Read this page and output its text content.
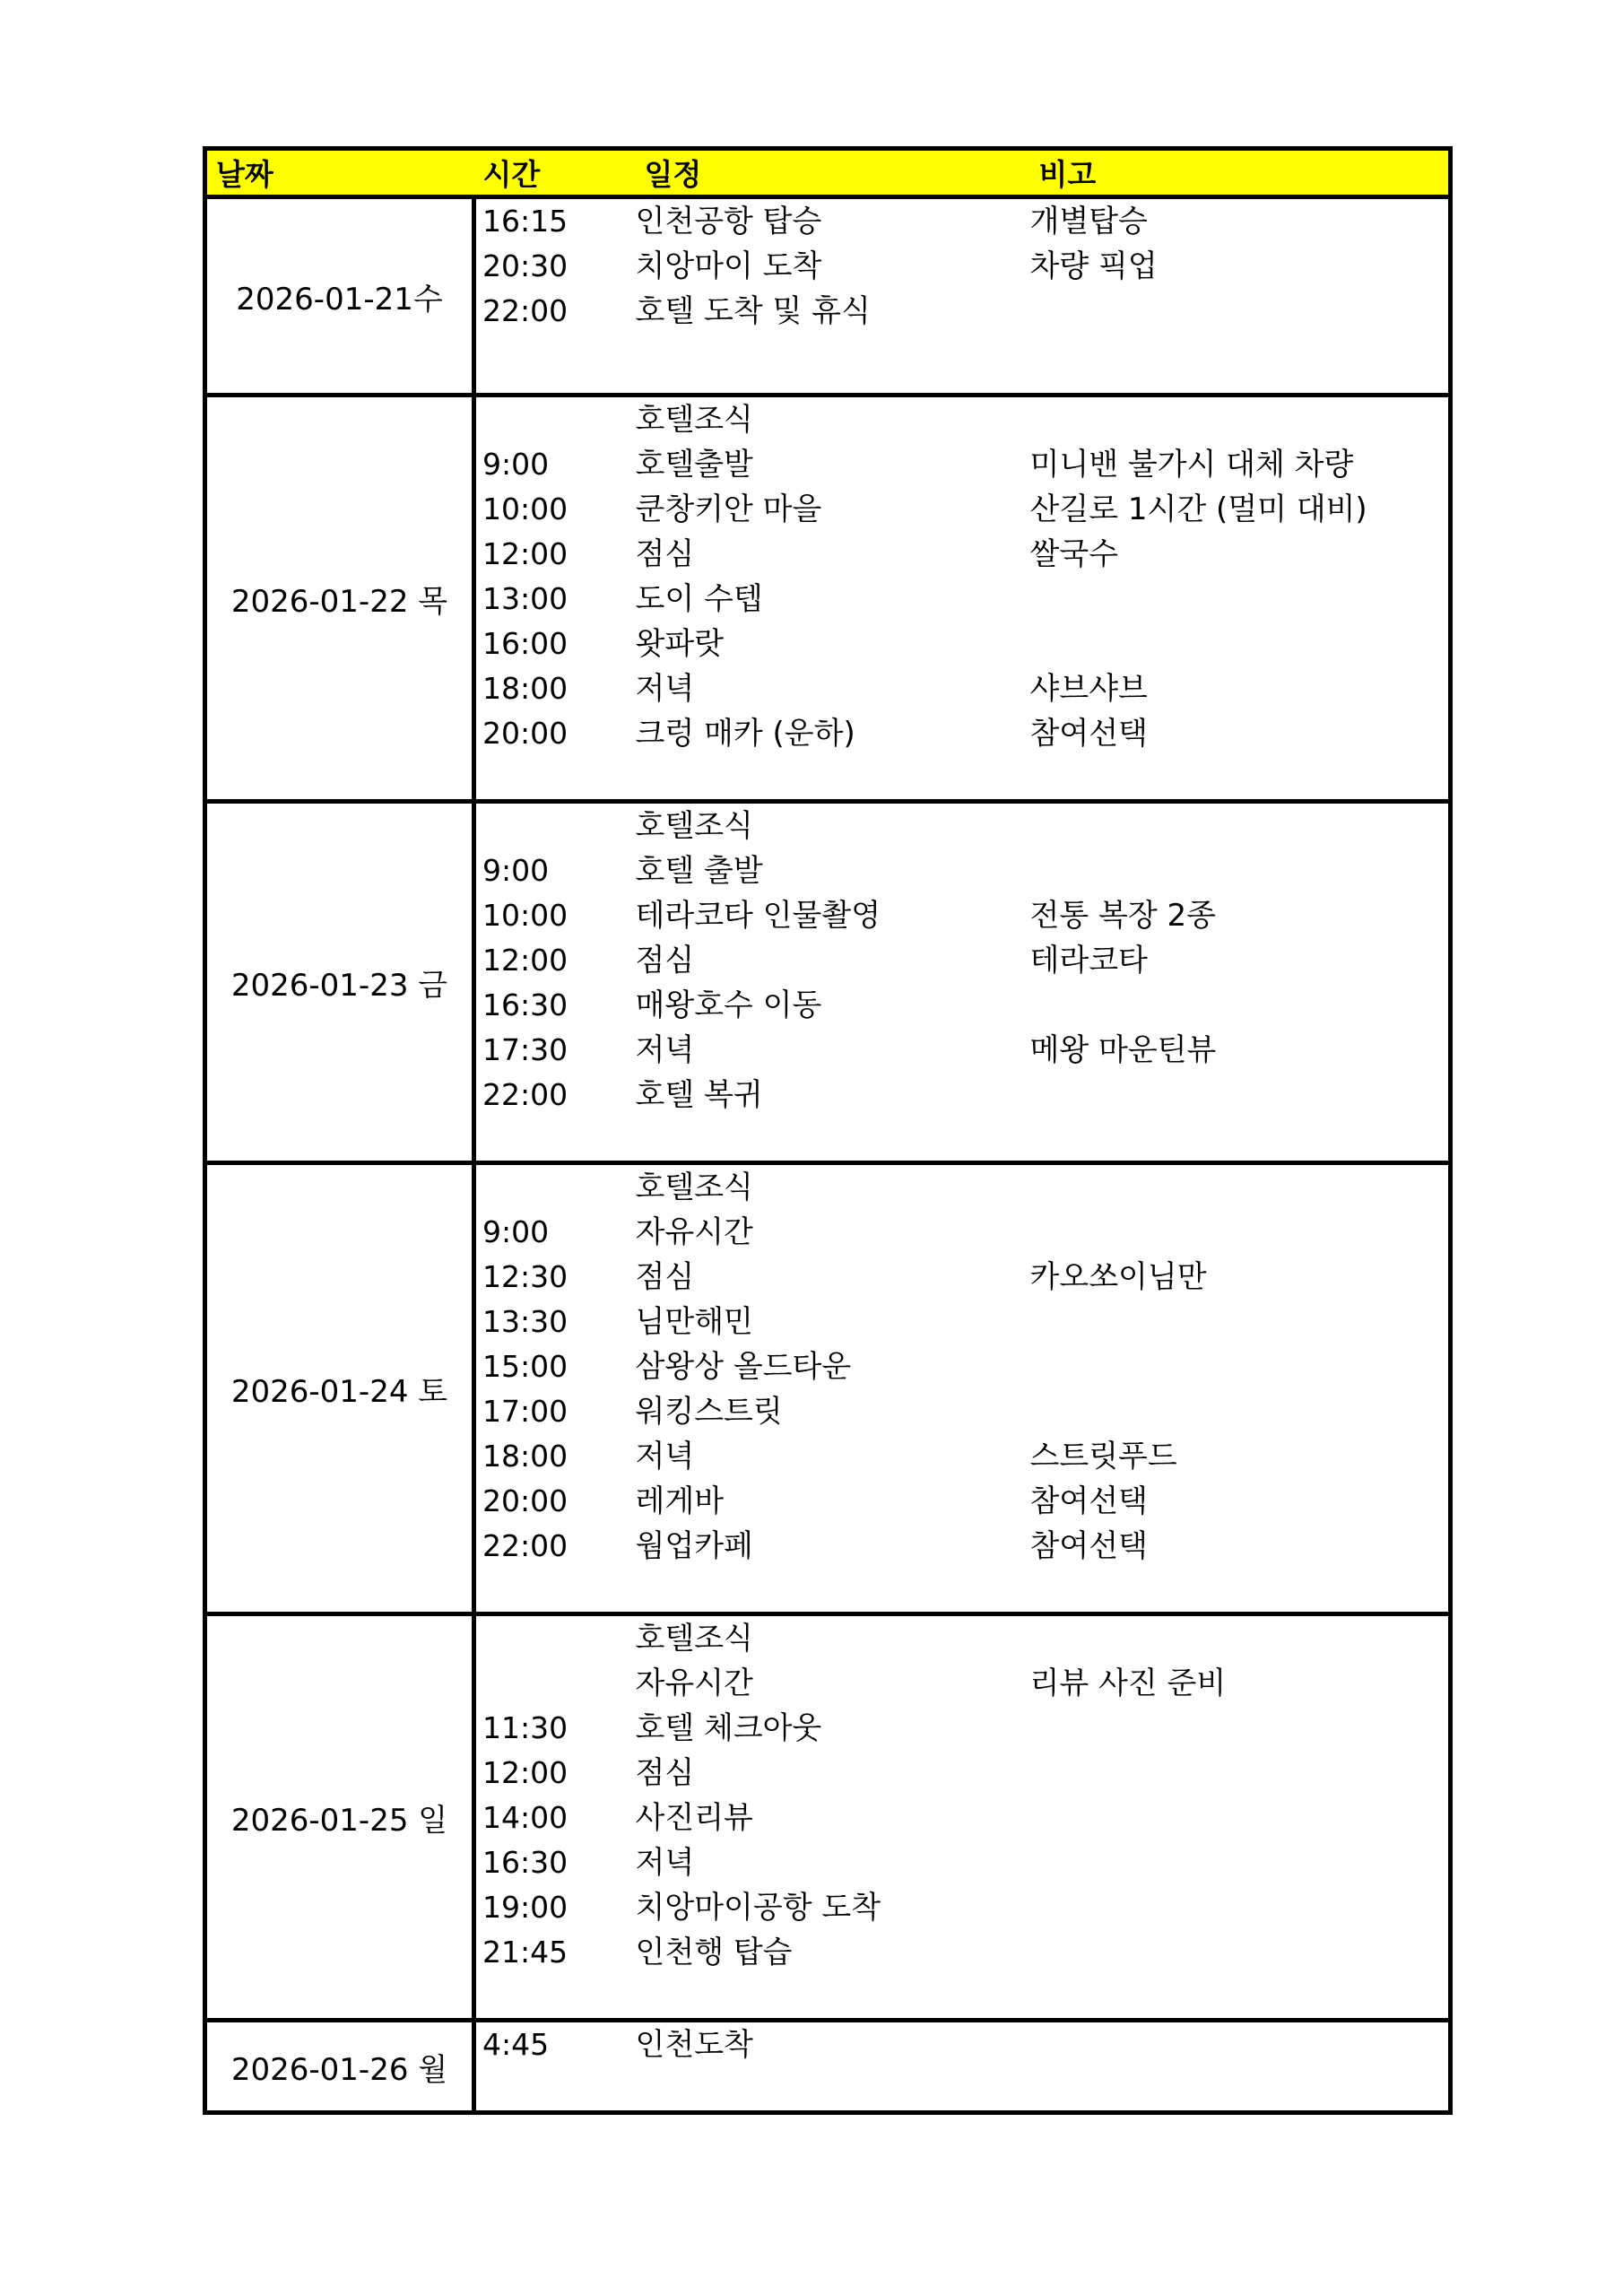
날짜	시간	일정	비고
2026-01-21수	16:15	인천공항 탑승	개별탑승
	20:30	치앙마이 도착	차량 픽업
	22:00	호텔 도착 및 휴식	

2026-01-22 목		호텔조식	
	9:00	호텔출발	미니밴 불가시 대체 차량
	10:00	쿤창키안 마을	산길로 1시간 (멀미 대비)
	12:00	점심	쌀국수
	13:00	도이 수텝	
	16:00	왓파랏	
	18:00	저녁	샤브샤브
	20:00	크렁 매카 (운하)	참여선택

2026-01-23 금		호텔조식	
	9:00	호텔 출발	
	10:00	테라코타 인물촬영	전통 복장 2종
	12:00	점심	테라코타
	16:30	매왕호수 이동	
	17:30	저녁	메왕 마운틴뷰
	22:00	호텔 복귀	

2026-01-24 토		호텔조식	
	9:00	자유시간	
	12:30	점심	카오쏘이님만
	13:30	님만해민	
	15:00	삼왕상 올드타운	
	17:00	워킹스트릿	
	18:00	저녁	스트릿푸드
	20:00	레게바	참여선택
	22:00	웜업카페	참여선택

2026-01-25 일		호텔조식	
		자유시간	리뷰 사진 준비
	11:30	호텔 체크아웃	
	12:00	점심	
	14:00	사진리뷰	
	16:30	저녁	
	19:00	치앙마이공항 도착	
	21:45	인천행 탑습	

2026-01-26 월	4:45	인천도착	
